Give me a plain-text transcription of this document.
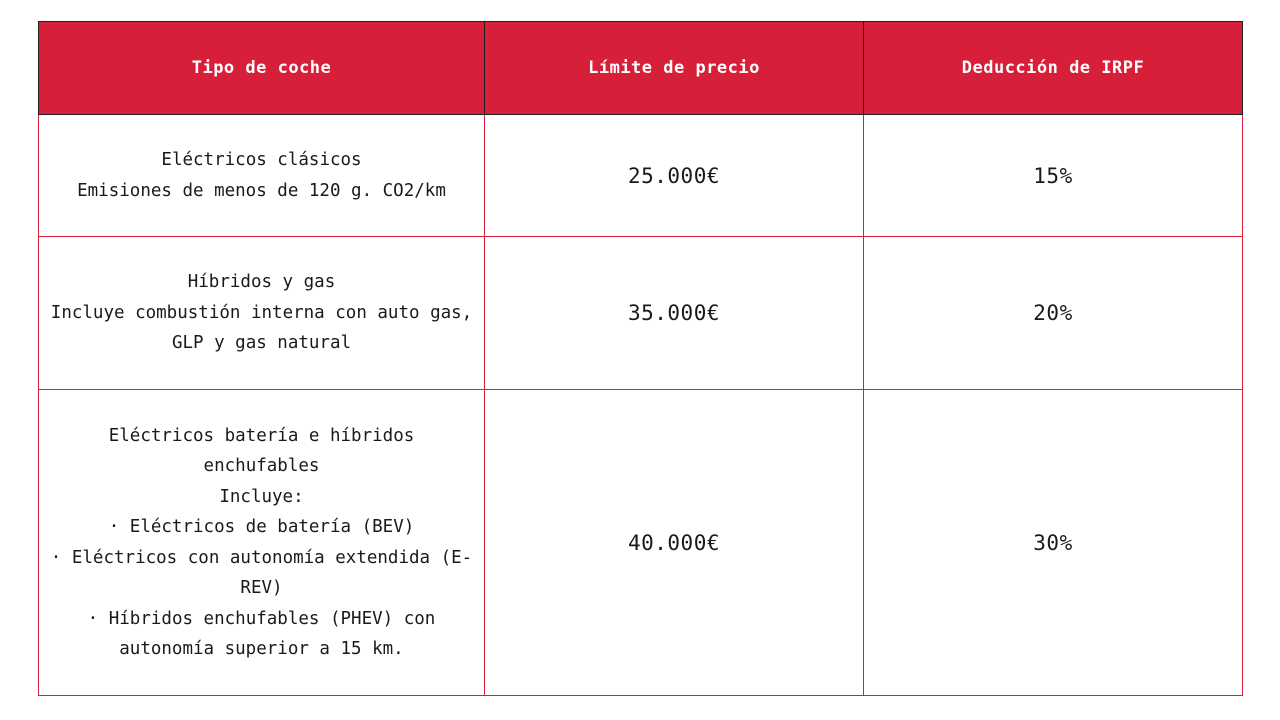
Tipo de coche	Límite de precio	Deducción de IRPF

Eléctricos clásicos
Emisiones de menos de 120 g. CO2/km	25.000€	15%

Híbridos y gas
Incluye combustión interna con auto gas, GLP y gas natural	35.000€	20%

Eléctricos batería e híbridos enchufables
Incluye:
· Eléctricos de batería (BEV)
· Eléctricos con autonomía extendida (E-REV)
· Híbridos enchufables (PHEV) con autonomía superior a 15 km.	40.000€	30%
